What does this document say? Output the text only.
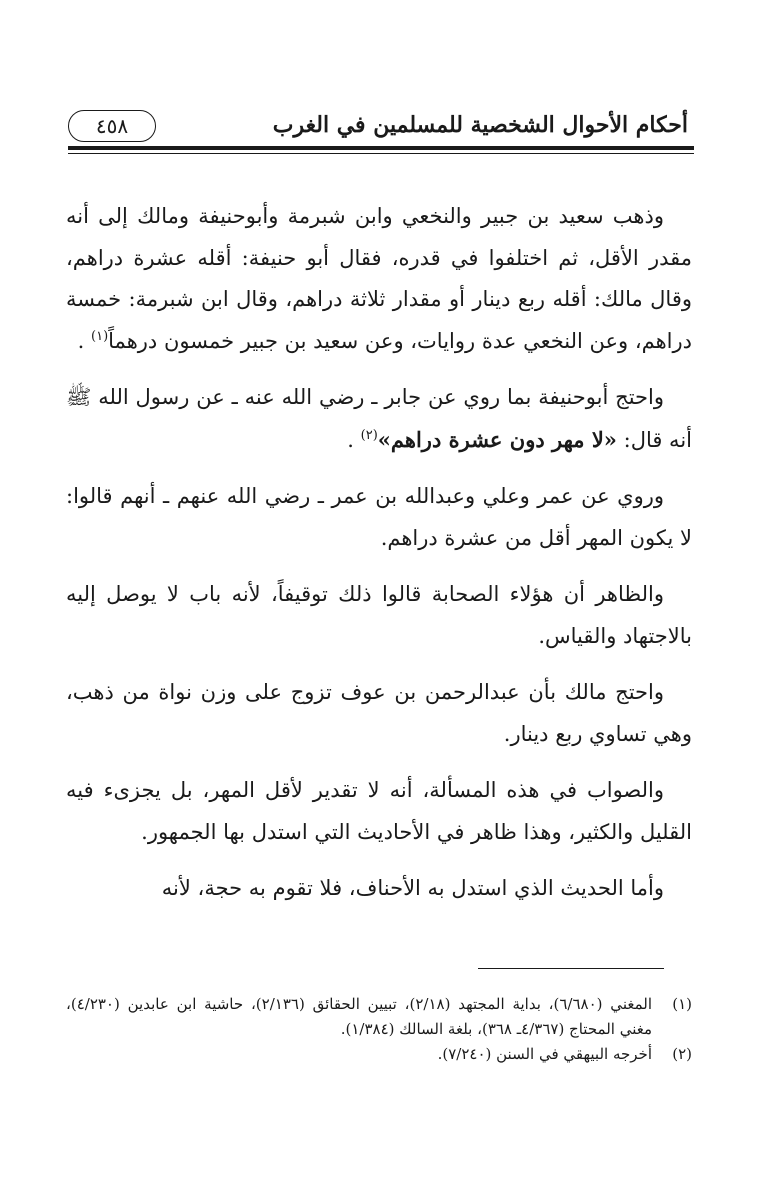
أحكام الأحوال الشخصية للمسلمين في الغرب
٤٥٨

وذهب سعيد بن جبير والنخعي وابن شبرمة وأبوحنيفة ومالك إلى أنه مقدر الأقل، ثم اختلفوا في قدره، فقال أبو حنيفة: أقله عشرة دراهم، وقال مالك: أقله ربع دينار أو مقدار ثلاثة دراهم، وقال ابن شبرمة: خمسة دراهم، وعن النخعي عدة روايات، وعن سعيد بن جبير خمسون درهماً$^{(١)}$ .

واحتج أبوحنيفة بما روي عن جابر ـ رضي الله عنه ـ عن رسول الله ﷺ أنه قال: «لا مهر دون عشرة دراهم»$^{(٢)}$ .

وروي عن عمر وعلي وعبدالله بن عمر ـ رضي الله عنهم ـ أنهم قالوا: لا يكون المهر أقل من عشرة دراهم.

والظاهر أن هؤلاء الصحابة قالوا ذلك توقيفاً، لأنه باب لا يوصل إليه بالاجتهاد والقياس.

واحتج مالك بأن عبدالرحمن بن عوف تزوج على وزن نواة من ذهب، وهي تساوي ربع دينار.

والصواب في هذه المسألة، أنه لا تقدير لأقل المهر، بل يجزىء فيه القليل والكثير، وهذا ظاهر في الأحاديث التي استدل بها الجمهور.

وأما الحديث الذي استدل به الأحناف، فلا تقوم به حجة، لأنه

(١)
المغني (٦/٦٨٠)، بداية المجتهد (٢/١٨)، تبيين الحقائق (٢/١٣٦)، حاشية ابن عابدين (٤/٢٣٠)، مغني المحتاج (٤/٣٦٧ـ ٣٦٨)، بلغة السالك (١/٣٨٤).
(٢)
أخرجه البيهقي في السنن (٧/٢٤٠).
